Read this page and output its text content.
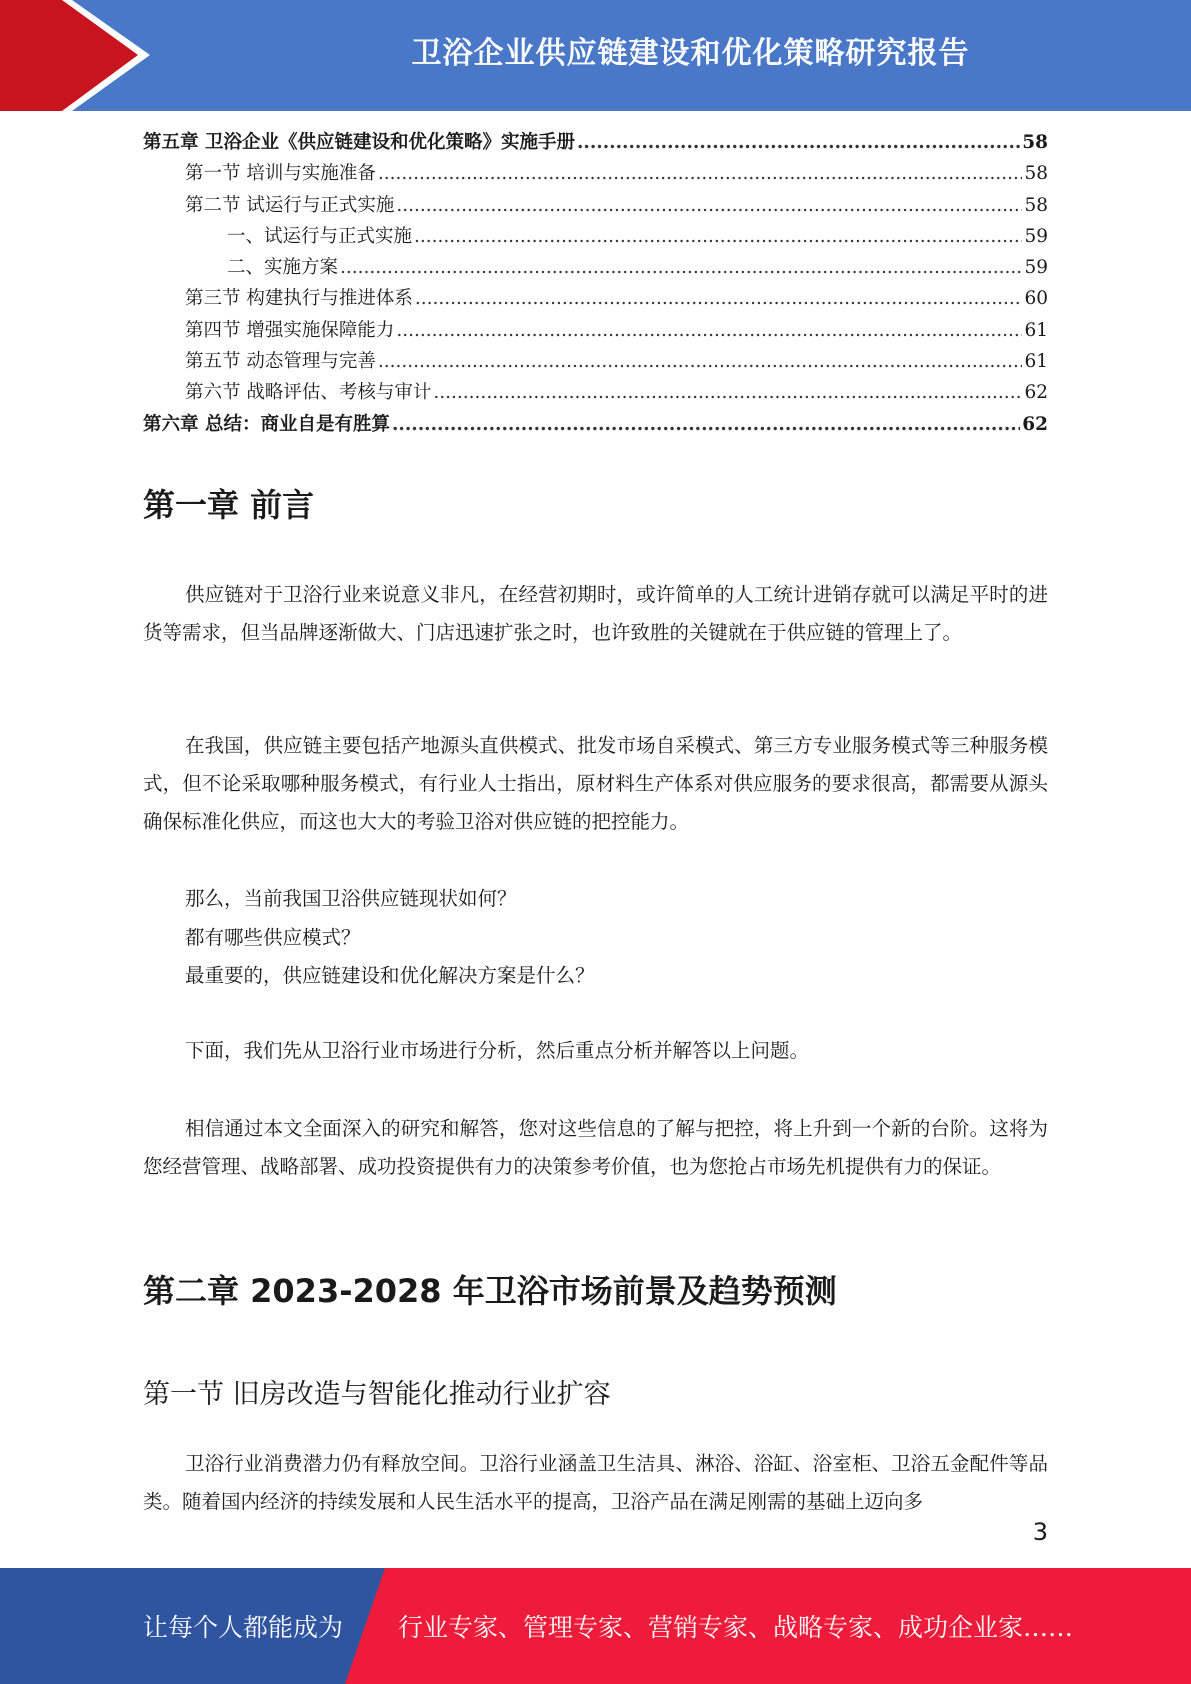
卫浴企业供应链建设和优化策略研究报告
第五章 卫浴企业《供应链建设和优化策略》实施手册 .....	58
第一节 培训与实施准备 .....	58
第二节 试运行与正式实施 .....	58
一、试运行与正式实施 .....	59
二、实施方案 .....	59
第三节 构建执行与推进体系 .....	60
第四节 增强实施保障能力 .....	61
第五节 动态管理与完善 .....	61
第六节 战略评估、考核与审计 .....	62
第六章 总结：商业自是有胜算 .....	62
第一章 前言

供应链对于卫浴行业来说意义非凡，在经营初期时，或许简单的人工统计进销存就可以满足平时的进货等需求，但当品牌逐渐做大、门店迅速扩张之时，也许致胜的关键就在于供应链的管理上了。

在我国，供应链主要包括产地源头直供模式、批发市场自采模式、第三方专业服务模式等三种服务模式，但不论采取哪种服务模式，有行业人士指出，原材料生产体系对供应服务的要求很高，都需要从源头确保标准化供应，而这也大大的考验卫浴对供应链的把控能力。

那么，当前我国卫浴供应链现状如何？
都有哪些供应模式？
最重要的，供应链建设和优化解决方案是什么？

下面，我们先从卫浴行业市场进行分析，然后重点分析并解答以上问题。

相信通过本文全面深入的研究和解答，您对这些信息的了解与把控，将上升到一个新的台阶。这将为您经营管理、战略部署、成功投资提供有力的决策参考价值，也为您抢占市场先机提供有力的保证。

第二章 2023-2028 年卫浴市场前景及趋势预测
第一节 旧房改造与智能化推动行业扩容

卫浴行业消费潜力仍有释放空间。卫浴行业涵盖卫生洁具、淋浴、浴缸、浴室柜、卫浴五金配件等品类。随着国内经济的持续发展和人民生活水平的提高，卫浴产品在满足刚需的基础上迈向多

3
让每个人都能成为 行业专家、管理专家、营销专家、战略专家、成功企业家……
